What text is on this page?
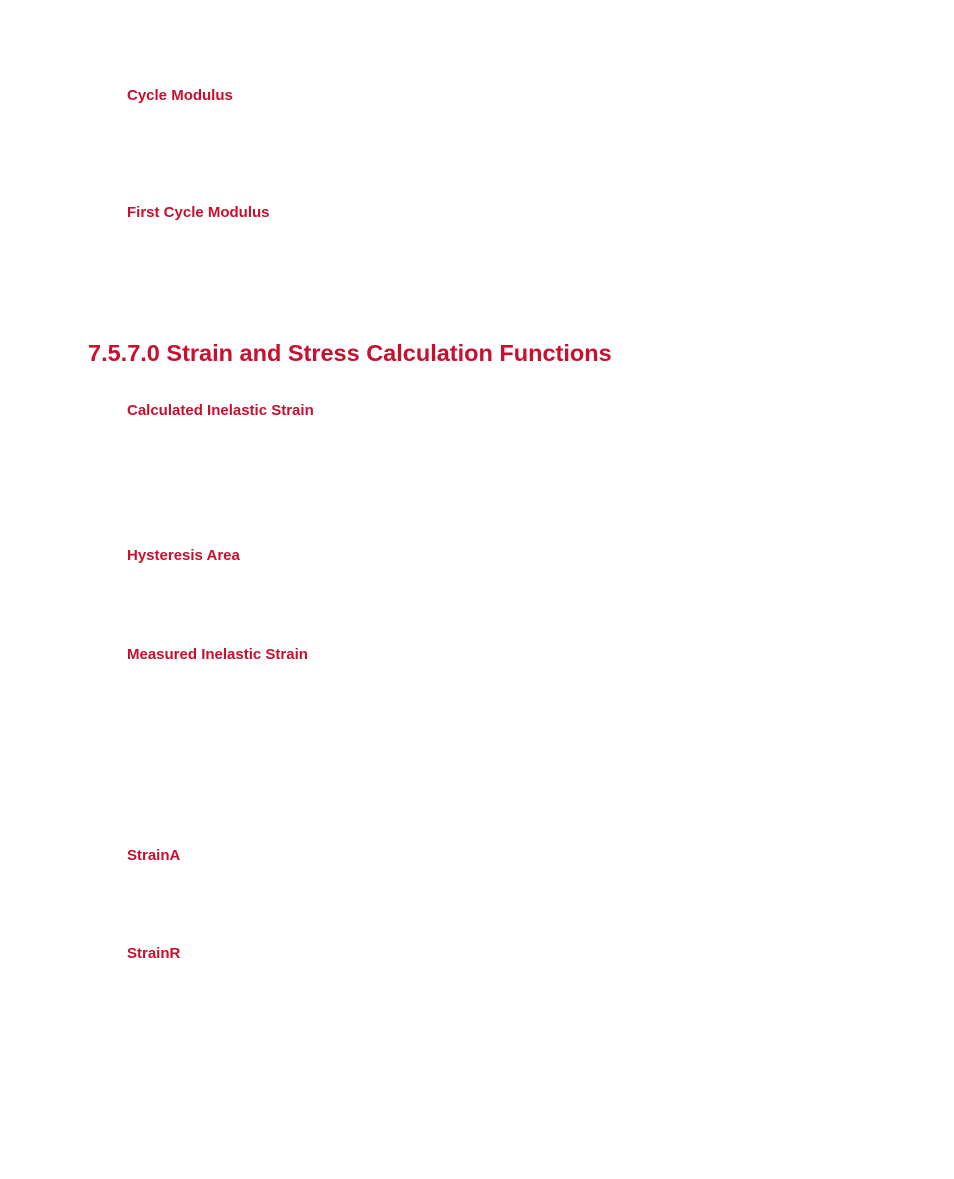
Cycle Modulus
First Cycle Modulus
7.5.7.0 Strain and Stress Calculation Functions
Calculated Inelastic Strain
Hysteresis Area
Measured Inelastic Strain
StrainA
StrainR
